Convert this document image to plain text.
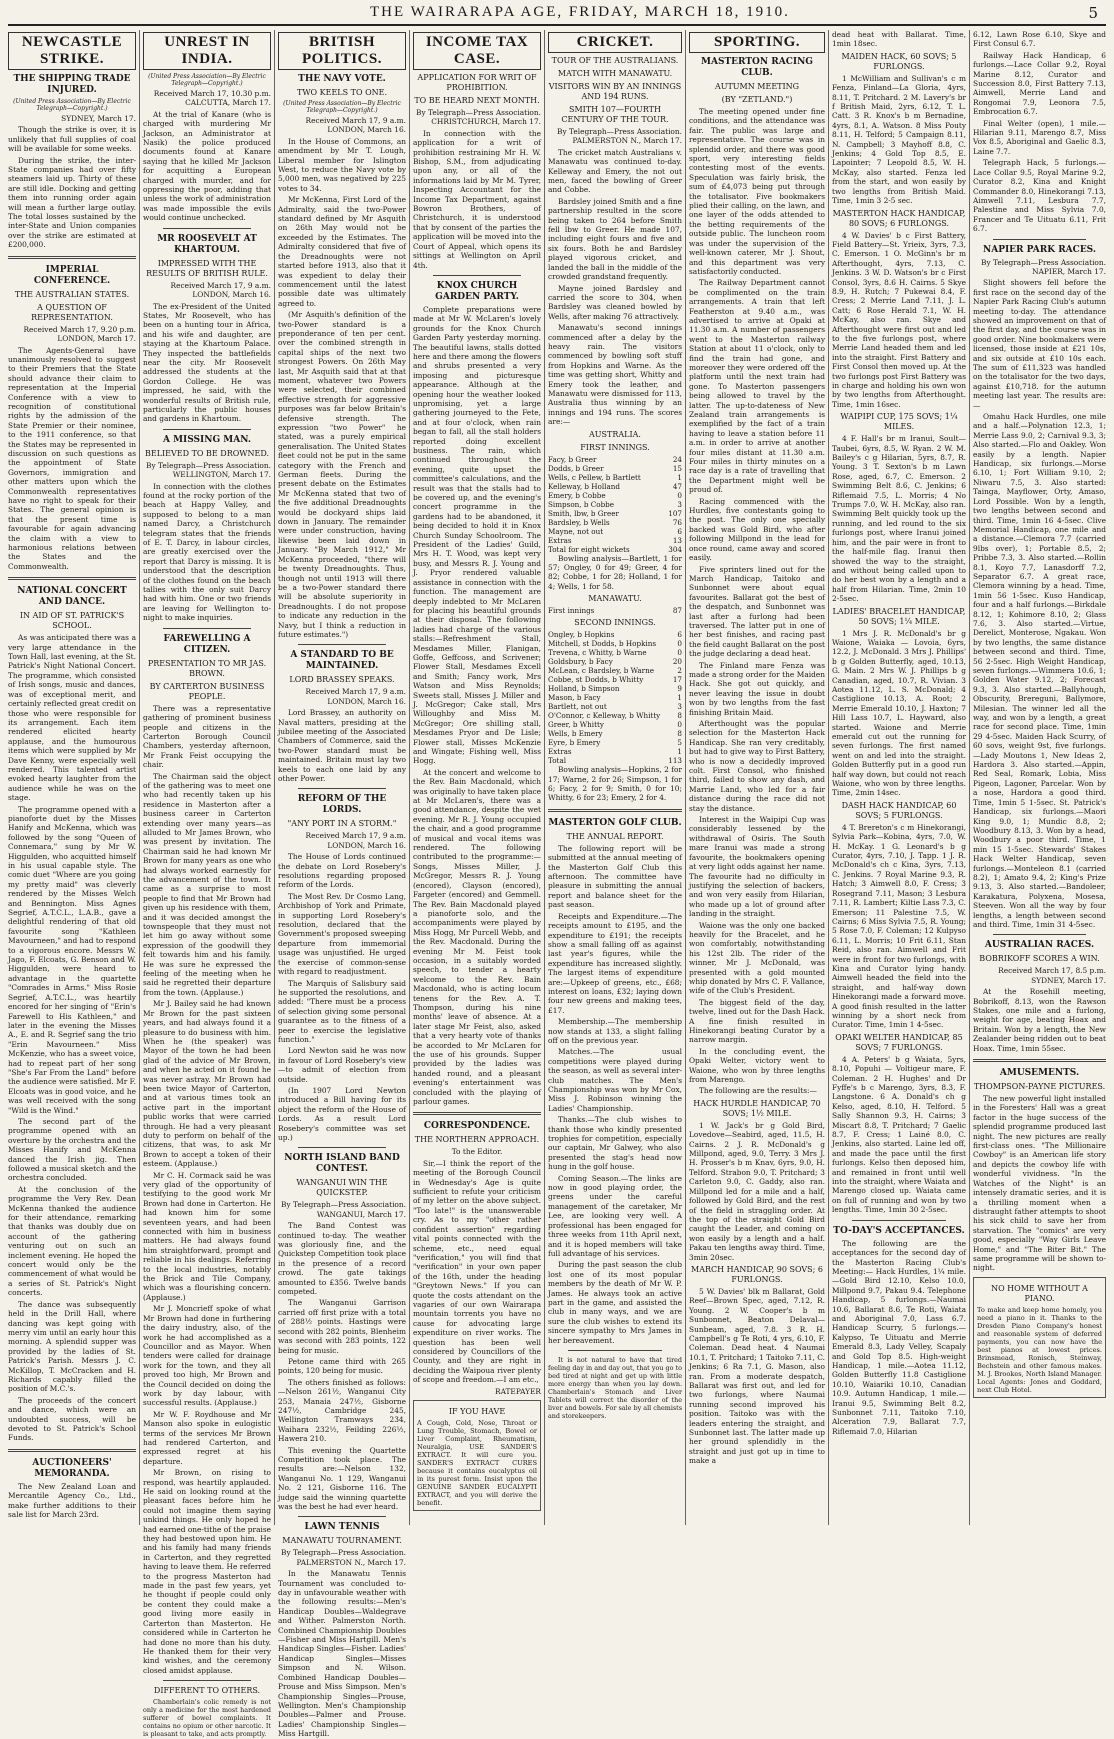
THE WAIRARAPA AGE, FRIDAY, MARCH 18, 1910.	5
NEWCASTLE STRIKE.
THE SHIPPING TRADE INJURED.
(United Press Association—By Electric Telegraph—Copyright.)
SYDNEY, March 17.

Though the strike is over, it is unlikely that full supplies of coal will be available for some weeks.

During the strike, the inter-State companies had over fifty steamers laid up. Thirty of these are still idle. Docking and getting them into running order again will mean a further large outlay. The total losses sustained by the inter-State and Union companies over the strike are estimated at £200,000.

IMPERIAL CONFERENCE.
THE AUSTRALIAN STATES.
A QUESTION OF REPRESENTATION.
Received March 17, 9.20 p.m. LONDON, March 17.

The Agents-General have unanimously resolved to suggest to their Premiers that the State should advance their claim to representation at the Imperial Conference with a view to recognition of constitutional rights by the admission of the State Premier or their nominee, to the 1911 conference, so that the States may be represented in discussion on such questions as the appointment of State Governors, immigration and other matters upon which the Commonwealth representatives have no right to speak for their States. The general opinion is that the present time is favourable for again advancing the claim with a view to harmonious relations between the States and the Commonwealth.

NATIONAL CONCERT AND DANCE.
IN AID OF ST. PATRICK'S SCHOOL.

As was anticipated there was a very large attendance in the Town Hall, last evening, at the St. Patrick's Night National Concert. The programme, which consisted of Irish songs, music and dances, was of exceptional merit, and certainly reflected great credit on those who were responsible for its arrangement. Each item rendered elicited hearty applause, and the humourous items which were supplied by Mr Dave Kenny, were especially well rendered. This talented artist evoked hearty laughter from the audience while he was on the stage.

The programme opened with a pianoforte duet by the Misses Hanify and McKenna, which was followed by the song "Queen of Connemara," sung by Mr W. Higgulden, who acquitted himself in his usual capable style. The comic duet "Where are you going my pretty maid" was cleverly rendered by the Misses Welch and Bennington. Miss Agnes Segrief, A.T.C.L., L.A.B., gave a delightful rendering of that old favourite song "Kathleen Mavourneen," and had to respond to a vigorous encore. Messrs W. Jago, F. Elcoats, G. Benson and W. Higgulden, were heard to advantage in the quartette "Comrades in Arms." Miss Rosie Segrief, A.T.C.L., was heartily encored for her singing of "Erin's Farewell to His Kathleen," and later in the evening the Misses A., E. and R. Segrief sang the trio "Erin Mavourneen." Miss McKenzie, who has a sweet voice, had to repeat part of her song "She's Far From the Land" before the audience were satisfied. Mr F. Elcoats was in good voice, and he was well received with the song "Wild is the Wind."

The second part of the programme opened with an overture by the orchestra and the Misses Hanify and McKenna danced the Irish jig. Then followed a musical sketch and the orchestra concluded.

At the conclusion of the programme the Very Rev. Dean McKenna thanked the audience for their attendance, remarking that thanks was doubly due on account of the gathering venturing out on such an inclement evening. He hoped the concert would only be the commencement of what would be a series of St. Patrick's Night concerts.

The dance was subsequently held in the Drill Hall, where dancing was kept going with merry vim until an early hour this morning. A splendid supper was provided by the ladies of St. Patrick's Parish. Messrs J. C. McKillop, T. McCracken and H. Richards capably filled the position of M.C.'s.

The proceeds of the concert and dance, which were an undoubted success, will be devoted to St. Patrick's School Funds.

AUCTIONEERS' MEMORANDA.

The New Zealand Loan and Mercantile Agency Co., Ltd., make further additions to their sale list for March 23rd.

UNREST IN INDIA.
(United Press Association—By Electric Telegraph—Copyright.)
Received March 17, 10.30 p.m. CALCUTTA, March 17.

At the trial of Kanare (who is charged with murdering Mr Jackson, an Administrator at Nasik) the police produced documents found at Kanare saying that he killed Mr Jackson for acquitting a European charged with murder, and for oppressing the poor, adding that unless the work of administration was made impossible the evils would continue unchecked.

MR ROOSEVELT AT KHARTOUM.
IMPRESSED WITH THE RESULTS OF BRITISH RULE.
Received March 17, 9 a.m. LONDON, March 16.

The ex-President of the United States, Mr Roosevelt, who has been on a hunting tour in Africa, and his wife and daughter, are staying at the Khartoum Palace. They inspected the battlefields near the city. Mr Roosevelt addressed the students at the Gordon College. He was impressed, he said, with the wonderful results of British rule, particularly the public houses and gardens in Khartoum.

A MISSING MAN.
BELIEVED TO BE DROWNED.
By Telegraph—Press Association. WELLINGTON, March 17.

In connection with the clothes found at the rocky portion of the beach at Happy Valley, and supposed to belong to a man named Darcy, a Christchurch telegram states that the friends of E. T. Darcy, in labour circles, are greatly exercised over the report that Darcy is missing. It is understood that the description of the clothes found on the beach tallies with the only suit Darcy had with him. One or two friends are leaving for Wellington to-night to make inquiries.

FAREWELLING A CITIZEN.
PRESENTATION TO MR JAS. BROWN.
BY CARTERTON BUSINESS PEOPLE.

There was a representative gathering of prominent business people and citizens in the Carterton Borough Council Chambers, yesterday afternoon, Mr Frank Feist occupying the chair.

The Chairman said the object of the gathering was to meet one who had recently taken up his residence in Masterton after a business career in Carterton extending over many years—as alluded to Mr James Brown, who was present by invitation. The Chairman said he had known Mr Brown for many years as one who had always worked earnestly for the advancement of the town. It came as a surprise to most people to find that Mr Brown had given up his residence with them, and it was decided amongst the townspeople that they must not let him go away without some expression of the goodwill they felt towards him and his family. He was sure he expressed the feeling of the meeting when he said he regretted their departure from the town. (Applause.)

Mr J. Bailey said he had known Mr Brown for the past sixteen years, and had always found it a pleasure to do business with him. When he (the speaker) was Mayor of the town he had been glad of the advice of Mr Brown, and when he acted on it found he was never astray. Mr Brown had been twice Mayor of Carterton, and at various times took an active part in the important public works that were carried through. He had a very pleasant duty to perform on behalf of the citizens, that was, to ask Mr Brown to accept a token of their esteem. (Applause.)

Mr C. H. Cormack said he was very glad of the opportunity of testifying to the good work Mr Brown had done in Carterton. He had known him for some seventeen years, and had been connected with him in business matters. He had always found him straightforward, prompt and reliable in his dealings. Referring to the local industries, notably the Brick and Tile Company, which was a flourishing concern. (Applause.)

Mr J. Moncrieff spoke of what Mr Brown had done in furthering the dairy industry, also, of the work he had accomplished as a Councillor and as Mayor. When tenders were called for drainage work for the town, and they all proved too high, Mr Brown and the Council decided on doing the work by day labour, with successful results. (Applause.)

Mr W. F. Roydhouse and Mr Manson also spoke in eulogistic terms of the services Mr Brown had rendered Carterton, and expressed regret at his departure.

Mr Brown, on rising to respond, was heartily applauded. He said on looking round at the pleasant faces before him he could not imagine them saying unkind things. He only hoped he had earned one-tithe of the praise they had bestowed upon him. He and his family had many friends in Carterton, and they regretted having to leave them. He referred to the progress Masterton had made in the past few years, yet he thought if people could only be content they could make a good living more easily in Carterton than Masterton. He considered while in Carterton he had done no more than his duty. He thanked them for their very kind wishes, and the ceremony closed amidst applause.

DIFFERENT TO OTHERS.

Chamberlain's colic remedy is not only a medicine for the most hardened sufferer of bowel complaints. It contains no opium or other narcotic. It is pleasant to take, and acts promptly.

BRITISH POLITICS.
THE NAVY VOTE.
TWO KEELS TO ONE.
(United Press Association—By Electric Telegraph—Copyright.)
Received March 17, 9 a.m. LONDON, March 16.

In the House of Commons, an amendment by Mr T. Lough, Liberal member for Islington West, to reduce the Navy vote by 5,000 men, was negatived by 225 votes to 34.

Mr McKenna, First Lord of the Admiralty, said the two-Power standard defined by Mr Asquith on 26th May would not be exceeded by the Estimates. The Admiralty considered that five of the Dreadnoughts were not started before 1913, also that it was expedient to delay their commencement until the latest possible date was ultimately agreed to.

(Mr Asquith's definition of the two-Power standard is a preponderance of ten per cent. over the combined strength in capital ships of the next two strongest Powers. On 26th May last, Mr Asquith said that at that moment, whatever two Powers were selected, their combined effective strength for aggressive purposes was far below Britain's defensive strength. The expression "two Power" he stated, was a purely empirical generalisation. The United States fleet could not be put in the same category with the French and German fleets. During the present debate on the Estimates Mr McKenna stated that two of the five additional Dreadnoughts would be dockyard ships laid down in January. The remainder were under construction, having likewise been laid down in January. "By March 1912," Mr McKenna proceeded, "there will be twenty Dreadnoughts. Thus, though not until 1913 will there be a two-Power standard there will be absolute superiority in Dreadnoughts. I do not propose to indicate any reduction in the Navy, but I think a reduction in future estimates.")

A STANDARD TO BE MAINTAINED.
LORD BRASSEY SPEAKS.
Received March 17, 9 a.m. LONDON, March 16.

Lord Brassey, an authority on Naval matters, presiding at the jubilee meeting of the Associated Chambers of Commerce, said the two-Power standard must be maintained. Britain must lay two keels to each one laid by any other Power.

REFORM OF THE LORDS.
"ANY PORT IN A STORM."
Received March 17, 9 a.m. LONDON, March 16.

The House of Lords continued the debate on Lord Rosebery's resolutions regarding proposed reform of the Lords.

The Most Rev. Dr Cosmo Lang, Archbishop of York and Primate, in supporting Lord Rosebery's resolution, declared that the Government's proposed sweeping departure from immemorial usage was unjustified. He urged the exercise of common-sense with regard to readjustment.

The Marquis of Salisbury said he supported the resolutions, and added: "There must be a process of selection giving some personal guarantee as to the fitness of a peer to exercise the legislative function."

Lord Newton said he was now in favour of Lord Rosebery's view—to admit of election from outside.

(In 1907 Lord Newton introduced a Bill having for its object the reform of the House of Lords. As a result Lord Rosebery's committee was set up.)

NORTH ISLAND BAND CONTEST.
WANGANUI WIN THE QUICKSTEP.
By Telegraph—Press Association. WANGANUI, March 17.

The Band Contest was continued to-day. The weather was gloriously fine, and the Quickstep Competition took place in the presence of a record crowd. The gate takings amounted to £356. Twelve bands competed.

The Wanganui Garrison carried off first prize with a total of 288½ points. Hastings were second with 282 points, Blenheim was second with 283 points, 122 being for music.

Petone came third with 265 points, 120 being for music.

The others finished as follows:—Nelson 261½, Wanganui City 253, Manaia 247½, Gisborne 247½, Cambridge 245, Wellington Tramways 234, Waihara 232½, Feilding 226½, Hawera 210.

This evening the Quartette Competition took place. The results are:—Nelson 132, Wanganui No. 1 129, Wanganui No. 2 121, Gisborne 116. The judge said the winning quartette was the best he had ever heard.

LAWN TENNIS
MANAWATU TOURNAMENT.
By Telegraph—Press Association. PALMERSTON N., March 17.

In the Manawatu Tennis Tournament was concluded to-day in unfavourable weather with the following results:—Men's Handicap Doubles—Waldegrave and Wither. Palmerston North. Combined Championship Doubles—Fisher and Miss Hartgill. Men's Handicap Singles—Fisher. Ladies' Handicap Singles—Misses Simpson and N. Wilson. Combined Handicap Doubles—Prouse and Miss Simpson. Men's Championship Singles—Prouse, Wellington. Men's Championship Doubles—Palmer and Prouse. Ladies' Championship Singles—Miss Hartgill.

INCOME TAX CASE.
APPLICATION FOR WRIT OF PROHIBITION.
TO BE HEARD NEXT MONTH.
By Telegraph—Press Association. CHRISTCHURCH, March 17.

In connection with the application for a writ of prohibition restraining Mr H. W. Bishop, S.M., from adjudicating upon any, or all of the informations laid by Mr M. Tyrer, Inspecting Accountant for the Income Tax Department, against Bowron Brothers, of Christchurch, it is understood that by consent of the parties the application will be moved into the Court of Appeal, which opens its sittings at Wellington on April 4th.

KNOX CHURCH GARDEN PARTY.

Complete preparations were made at Mr W. McLaren's lovely grounds for the Knox Church Garden Party yesterday morning. The beautiful lawns, stalls dotted here and there among the flowers and shrubs presented a very imposing and picturesque appearance. Although at the opening hour the weather looked unpromising, yet a large gathering journeyed to the Fete, and at four o'clock, when rain began to fall, all the stall holders reported doing excellent business. The rain, which continued throughout the evening, quite upset the committee's calculations, and the result was that the stalls had to be covered up, and the evening's concert programme in the gardens had to be abandoned, it being decided to hold it in Knox Church Sunday Schoolroom. The President of the Ladies' Guild, Mrs H. T. Wood, was kept very busy, and Messrs R. J. Young and J. Pryor rendered valuable assistance in connection with the function. The management are deeply indebted to Mr McLaren for placing his beautiful grounds at their disposal. The following ladies had charge of the various stalls:—Refreshment Stall, Mesdames Miller, Flanigan, Goffe, Geffcoss, and Scrivener; Flower Stall, Mesdames Excell and Smith; Fancy work, Mrs Watson and Miss Reynolds; Sweets stall, Misses J. Miller and J. McGregor; Cake stall, Mrs Willoughby and Miss M. McGregor; Ore shilling stall, Mesdames Pryor and De Lisle; Flower stall, Misses McKenzie and Wingate; Fishing well, Miss Hogg.

At the concert and welcome to the Rev. Bain Macdonald, which was originally to have taken place at Mr McLaren's, there was a good attendance, despite the wet evening. Mr R. J. Young occupied the chair, and a good programme of musical and vocal items was rendered. The following contributed to the programme:—Songs, Misses Miller, J. McGregor, Messrs R. J. Young (encored), Clayson (encored), Fargeter (encored) and Gemmell. The Rev. Bain Macdonald played a pianoforte solo, and the accompaniments were played by Miss Hogg, Mr Purcell Webb, and the Rev. Macdonald. During the evening Mr M. Feist took occasion, in a suitably worded speech, to tender a hearty welcome to the Rev. Bain Macdonald, who is acting locum tenens for the Rev. A. T. Thompson, during his nine months' leave of absence. At a later stage Mr Feist, also, asked that a very hearty vote of thanks be accorded to Mr McLaren for the use of his grounds. Supper provided by the ladies was handed round, and a pleasant evening's entertainment was concluded with the playing of parlour games.

CORRESPONDENCE.
THE NORTHERN APPROACH.

To the Editor.

Sir,—I think the report of the meeting of the Borough Council in Wednesday's Age is quite sufficient to refute your criticism of my letter on the above subject. "Too late!" is the unanswerable cry. As to my "other rather confident assertion" regarding vital points connected with the scheme, etc., need equal "verification," you will find that "verification" in your own paper of the 16th, under the heading "Greytown News." If you can quote the costs attendant on the vagaries of our own Wairarapa mountain torrents you have no cause for advocating large expenditure on river works. The question has been well considered by Councillors of the County, and they are right in deciding the Waipoua river plenty of scope and freedom.—I am etc.,

RATEPAYER

IF YOU HAVE
A Cough, Cold, Nose, Throat or Lung Trouble, Stomach, Bowel or Liver Complaint, Rheumatism, Neuralgia, USE SANDER'S EXTRACT. It will cure you. SANDER'S EXTRACT CURES because it contains eucalyptus oil in its purest form. Insist upon the GENUINE SANDER EUCALYPTI EXTRACT, and you will derive the benefit.
CRICKET.
TOUR OF THE AUSTRALIANS.
MATCH WITH MANAWATU.
VISITORS WIN BY AN INNINGS AND 194 RUNS.
SMITH 107—FOURTH CENTURY OF THE TOUR.
By Telegraph—Press Association. PALMERSTON N., March 17.

The cricket match Australians v. Manawatu was continued to-day. Kelleway and Emery, the not out men, faced the bowling of Greer and Cobbe.

Bardsley joined Smith and a fine partnership resulted in the score being taken to 264 before Smith fell lbw to Greer. He made 107, including eight fours and five and six fours. Both he and Bardsley played vigorous cricket, and landed the ball in the middle of the crowded grandstand frequently.

Mayne joined Bardsley and carried the score to 304, when Bardsley was cleaned bowled by Wells, after making 76 attractively.

Manawatu's second innings commenced after a delay by the heavy rain. The visitors commenced by bowling soft stuff from Hopkins and Warne. As the time was getting short, Whitty and Emery took the leather, and Manawatu were dismissed for 113, Australia thus winning by an innings and 194 runs. The scores are:—

AUSTRALIA.
FIRST INNINGS.
Facy, b Greer	24
Dodds, b Greer	15
Wells, c Pellew, b Bartlett	1
Kelleway, b Holland	47
Emery, b Cobbe	0
Simpson, b Cobbe	3
Smith, lbw, b Greer	107
Bardsley, b Wells	76
Mayne, not out	6
Extras	13
Total for eight wickets	304

Bowling analysis—Bartlett, 1 for 57; Ongley, 0 for 49; Greer, 4 for 82; Cobbe, 1 for 28; Holland, 1 for 4; Wells, 1 for 58.

MANAWATU.
First innings	87
SECOND INNINGS.
Ongley, b Hopkins	6
Mitchell, st Dodds, b Hopkins	0
Trevena, c Whitty, b Warne	0
Goldsbury, b Facy	20
McLean, c Bardsley, b Warne	2
Cobbe, st Dodds, b Whitty	17
Holland, b Simpson	9
Mason, b Facy	1
Bartlett, not out	3
O'Connor, c Kelleway, b Whitty	8
Greer, b Whitty	0
Wells, b Emery	8
Eyre, b Emery	5
Extras	1
Total	113

Bowling analysis—Hopkins, 2 for 17; Warne, 2 for 26; Simpson, 1 for 6; Facy, 2 for 9; Smith, 0 for 10; Whitty, 6 for 23; Emery, 2 for 4.

MASTERTON GOLF CLUB.
THE ANNUAL REPORT.

The following report will be submitted at the annual meeting of the Masterton Golf Club this afternoon. The committee have pleasure in submitting the annual report and balance sheet for the past season.

Receipts and Expenditure.—The receipts amount to £195, and the expenditure to £191; the receipts show a small falling off as against last year's figures, while the expenditure has increased slightly. The largest items of expenditure are:—Upkeep of greens, etc., £68; interest on loans, £32; laying down four new greens and making tees, £17.

Membership.—The membership now stands at 133, a slight falling off on the previous year.

Matches.—The usual competitions were played during the season, as well as several inter-club matches. The Men's Championship was won by Mr Cox, Miss J. Robinson winning the Ladies' Championship.

Thanks.—The club wishes to thank those who kindly presented trophies for competition, especially our captain, Mr Galwey, who also presented the stag's head now hung in the golf house.

Coming Season.—The links are now in good playing order, the greens under the careful management of the caretaker, Mr Lee, are looking very well. A professional has been engaged for three weeks from 11th April next, and it is hoped members will take full advantage of his services.

During the past season the club lost one of its most popular members by the death of Mr W. P. James. He always took an active part in the game, and assisted the club in many ways, and we are sure the club wishes to extend its sincere sympathy to Mrs James in her bereavement.

It is not natural to have that tired feeling day in and day out, that you go to bed tired at night and get up with little more energy than when you lay down. Chamberlain's Stomach and Liver Tablets will correct the disorder of the liver and bowels. For sale by all chemists and storekeepers.

SPORTING.
MASTERTON RACING CLUB.
AUTUMN MEETING
(BY "ZETLAND.")

The meeting opened under fine conditions, and the attendance was fair. The public was large and representative. The course was in splendid order, and there was good sport, very interesting fields contesting most of the events. Speculation was fairly brisk, the sum of £4,073 being put through the totalisator. Five bookmakers plied their calling, on the lawn, and one layer of the odds attended to the betting requirements of the outside public. The luncheon room was under the supervision of the well-known caterer, Mr J. Shout, and this department was very satisfactorily conducted.

The Railway Department cannot be complimented on the train arrangements. A train that left Featherston at 9.40 a.m., was advertised to arrive at Opaki at 11.30 a.m. A number of passengers went to the Masterton railway Station at about 11 o'clock, only to find the train had gone, and moreover they were ordered off the platform until the next train had gone. To Masterton passengers being allowed to travel by the latter. The up-to-dateness of New Zealand train arrangements is exemplified by the fact of a train having to leave a station before 11 a.m. in order to arrive at another four miles distant at 11.30 a.m. Four miles in thirty minutes on a race day is a rate of travelling that the Department might well be proud of.

Racing commenced with the Hurdles, five contestants going to the post. The only one specially backed was Gold Bird, who after following Millpond in the lead for once round, came away and scored easily.

Five sprinters lined out for the March Handicap, Taitoko and Sunbonnet were about equal favourites. Ballarat got the best of the despatch, and Sunbonnet was last after a furlong had been traversed. The latter put in one of her best finishes, and racing past the field caught Ballarat on the post the judge declaring a dead heat.

The Finland mare Fenza was made a strong order for the Maiden Hack. She got out quickly, and never leaving the issue in doubt won by two lengths from the fast finishing Britain Maid.

Afterthought was the popular selection for the Masterton Hack Handicap. She ran very creditably, but had to give way to First Battery, who is now a decidedly improved colt. First Consol, who finished third, failed to show any dash, and Marrie Land, who led for a fair distance during the race did not stay the distance.

Interest in the Waipipi Cup was considerably lessened by the withdrawal of Osiris. The South mare Iranui was made a strong favourite, the bookmakers opening at very light odds against her name. The favourite had no difficulty in justifying the selection of backers, and won very easily from Hilarian, who made up a lot of ground after landing in the straight.

Waione was the only one backed heavily for the Bracelet, and he won comfortably, notwithstanding his 12st 2lb. The rider of the winner, Mr J. McDonald, was presented with a gold mounted whip donated by Mrs C. F. Vallance, wife of the Club's President.

The biggest field of the day, twelve, lined out for the Dash Hack. A fine finish resulted in Hinekorangi beating Curator by a narrow margin.

In the concluding event, the Opaki Welter, victory went to Waione, who won by three lengths from Marengo.

The following are the results:—

HACK HURDLE HANDICAP, 70 SOVS; 1½ MILE.

1 W. Jack's br g Gold Bird, Lovedove—Seabird, aged, 11.5, H. Cairns. 2 J. R. McDonald's g Millpond, aged, 9.0, Terry. 3 Mrs J. H. Prosser's b m Knav, 6yrs, 9.0, H. Telford. Strabon 9.0, T. Pritchard; 3 Carleton 9.0, C. Gaddy, also ran. Millpond led for a mile and a half, followed by Gold Bird, and the rest of the field in straggling order. At the top of the straight Gold Bird caught the Leader, and coming on won easily by a length and a half. Pakau ten lengths away third. Time, 3min 20sec.

MARCH HANDICAP, 90 SOVS; 6 FURLONGS.

5 W. Davies' blk m Ballarat, Gold Reef—Brown Spec, aged, 7.12, R. Young. 2 W. Cooper's b m Sunbonnet, Beaton Delaval—Sunbeam, aged, 7.8. 3 R. H. Campbell's g Te Roti, 4 yrs, 6.10, F. Coleman. Dead heat. 4 Naumai 10.1, T. Pritchard; 1 Taitoko 7.11, C. Jenkins; 6 Ra 7.1, G. Mason, also ran. From a moderate despatch, Ballarat was first out, and led for two furlongs, where Naumai running second improved his position. Taitoko was with the leaders entering the straight, and Sunbonnet last. The latter made up her ground splendidly in the straight and just got up in time to make a

dead heat with Ballarat. Time, 1min 18sec.

MAIDEN HACK, 60 SOVS; 5 FURLONGS.

1 McWilliam and Sullivan's c m Fenza, Finland—La Gloria, 4yrs, 8.11, T. Pritchard. 2 M. Lavery's br f British Maid, 2yrs, 6.12, T. L. Catt. 3 R. Knox's b m Bernadine, 4yrs, 8.1, A. Watson. 8 Miss Pouty 8.11, H. Telford; 5 Campaign 8.11, N. Campbell; 3 Mayhoff 8.8, C. Jenkins; 4 Gold Top 8.5, E. Lapointer; 7 Leopold 8.5, W. H. McKay, also started. Fenza led from the start, and won easily by two lengths from British Maid. Time, 1min 3 2-5 sec.

MASTERTON HACK HANDICAP, 80 SOVS; 6 FURLONGS.

4 W. Davies' b c First Battery, Field Battery—St. Yrieix, 3yrs, 7.3, C. Emerson. 1 O. McGinn's br m Afterthought, 4yrs, 7.13, C. Jenkins. 3 W. D. Watson's br c First Consol, 3yrs, 8.6 H. Cairns. 5 Skye 8.9, H. Rutch; 7 Pukewai 8.4, F. Cress; 2 Merrie Land 7.11, J. L. Catt; 6 Rose Herald 7.1, W. H. McKay, also ran. Skye and Afterthought were first out and led to the five furlongs post, where Merrie Land headed them and led into the straight. First Battery and First Consol then moved up. At the two furlongs post First Battery was in charge and holding his own won by two lengths from Afterthought. Time, 1min 16sec.

WAIPIPI CUP, 175 SOVS; 1¼ MILES.

4 F. Hall's br m Iranui, Soult—Taubei, 6yrs, 8.5, W. Ryan. 2 W. M. Bailey's c g Hilarian, 5yrs, 8.7, R. Young. 3 T. Sexton's b m Lawn Rose, aged, 6.7, C. Emerson. 2 Swimming Belt 8.6, C. Jenkins; 6 Riflemaid 7.5, L. Morris; 4 No Trumps 7.0, W. H. McKay, also ran. Swimming Belt quickly took up the running, and led round to the six furlongs post, where Iranui joined him, and the pair were in front to the half-mile flag. Iranui then showed the way to the straight, and without being called upon to do her best won by a length and a half from Hilarian. Time, 2min 10 2-5sec.

LADIES' BRACELET HANDICAP, 50 SOVS; 1¼ MILE.

1 Mrs J. R. McDonald's br g Waione, Waiaka — Lovoia, 6yrs, 12.2, J. McDonald. 3 Mrs J. Phillips' b g Golden Butterfly, aged, 10.13, G. Main. 2 Mrs W. J. Phillips b g Canadian, aged, 10.7, R. Vivian. 3 Aotea 11.12, L. S. McDonald; 4 Castiglione 10.13, A. Root; 2 Merrie Emerald 10.10, J. Haxton; 7 Hill Lass 10.7, L. Hayward, also started. Waione and Merrie emerald cut out the running for seven furlongs. The first named went on and led into the straight. Golden Butterfly put in a good run half way down, but could not reach Waione, who won by three lengths. Time, 2min 14sec.

DASH HACK HANDICAP, 60 SOVS; 5 FURLONGS.

4 T. Brereton's c m Hinekorangi, Sylvia Park—Kobina, 4yrs, 7.0, W. H. McKay. 1 G. Leonard's b g Curator, 4yrs, 7.10, J. Tapp. 1 J. R. McDonald's ch c Kina, 3yrs, 7.13, C. Jenkins. 7 Royal Marine 9.3, R. Hatch; 3 Aimwell 8.0, F. Cress; 3 Rosegrand 7.11, Mason; 3 Lesbura 7.11, R. Lambert; Kiltie Lass 7.3, C. Emerson; 11 Palestine 7.5, W. Cairns; 6 Miss Sylvia 7.5, R. Young; 5 Rose 7.0, F. Coleman; 12 Kulpyso 6.11, L. Morris; 10 Frit 6.11, Stan Reid, also ran. Aimwell and Frit were in front for two furlongs, with Kina and Curator lying handy. Aimwell headed the field into the straight, and half-way down Hinekorangi made a forward move. A good finish resulted in the latter winning by a short neck from Curator. Time, 1min 1 4-5sec.

OPAKI WELTER HANDICAP, 85 SOVS; 7 FURLONGS.

4 A. Peters' b g Waiata, 5yrs, 8.10, Popuhi — Voltigeur mare, F. Coleman. 2 H. Hughes' and Dr Fyffe's b c Marengo, 3yrs, 8.3, F. Langstone. 6 A. Donald's ch g Kelso, aged, 8.10, H. Telford. 5 Sally Shannon 9.3, H. Cairns; 3 Miscart 8.8, T. Pritchard; 7 Gaelic 8.7, F. Cress; 1 Lainé 8.0, C. Jenkins, also started. Laine led off, and made the pace until the first furlongs. Kelso then deposed him, and remained in front until well into the straight, where Waiata and Marengo closed up. Waiata came on full of running and won by two lengths. Time, 1min 30 2-5sec.

TO-DAY'S ACCEPTANCES.

The following are the acceptances for the second day of the Masterton Racing Club's Meeting:— Hack Hurdles, 1¼ mile.—Gold Bird 12.10, Kelso 10.0, Millpond 9.7, Pakau 9.4. Telephone Handicap, 5 furlongs.—Naumai 10.6, Ballarat 8.6, Te Roti, Waiata and Aboriginal 7.0, Lass 6.7. Handicap Scurry, 5 furlongs.—Kalypso, Te Uituatu and Merrie Emerald 8.3, Lady Velley, Scapaly and Gold Top 8.5. High-weight Handicap, 1 mile.—Aotea 11.12, Golden Butterfly 11.8 Castiglione 10.10, Waiariki 10.10, Canadian 10.9. Autumn Handicap, 1 mile.—Iranui 9.5, Swimming Belt 8.2, Sunbonnet 7.11, Taitoko 7.10, Alceration 7.9, Ballarat 7.7, Riflemaid 7.0, Hilarian

6.12, Lawn Rose 6.10, Skye and First Consul 6.7.

Railway Hack Handicap, 6 furlongs.—Lace Collar 9.2, Royal Marine 8.12, Curator and Succession 8.0, First Battery 7.13, Aimwell, Merrie Land and Rongomai 7.9, Leonora 7.5, Embrocation 6.7.

Final Welter (open), 1 mile.—Hilarian 9.11, Marengo 8.7, Miss Vox 8.5, Aboriginal and Gaelic 8.3, Laine 7.7.

Telegraph Hack, 5 furlongs.—Lace Collar 9.5, Royal Marine 9.2, Curator 8.2, Kina and Knight Commander 8.0, Hinekorangi 7.13, Aimwell 7.11, Lesbura 7.7, Palestine and Miss Sylvia 7.0, Francer and Te Uituatu 6.11, Frit 6.7.

NAPIER PARK RACES.
By Telegraph—Press Association. NAPIER, March 17.

Slight showers fell before the first race on the second day of the Napier Park Racing Club's autumn meeting to-day. The attendance showed an improvement on that of the first day, and the course was in good order. Nine bookmakers were licensed, those inside at £21 10s, and six outside at £10 10s each. The sum of £11,323 was handled on the totalisator for the two days, against £10,718. for the autumn meeting last year. The results are:—

Omahu Hack Hurdles, one mile and a half.—Polynation 12.3, 1; Merrie Lass 9.0, 2; Carnival 9.3, 3; Also started.—Flo and Oakley. Won easily by a length. Napier Handicap, six furlongs.—Morse 6.10, 1; Fort William 9.10, 2; Niwaru 7.5, 3. Also started: Tainga, Mayflower, Orty, Amaso, Lord Possible. Won by a length, two lengths between second and third. Time, 1min 16 4-5sec. Clive Memorial Handicap, one mile and a distance.—Clemora 7.7 (carried 9lbs over), 1; Portable 8.5, 2; Pribbe 7.3, 3. Also started.—Rollin 8.1, Koyo 7.7, Lanasdorff 7.2, Separator 6.7. A great race, Clemora winning by a head. Time, 1min 56 1-5sec. Kuso Handicap, four and a half furlongs.—Birkdale 8.12, 1; Kohimore 8.10, 2; Glass 7.6, 3. Also started.—Virtue, Derelict, Monterose, Ngakau. Won by two lengths, the same distance between second and third. Time, 56 2-5sec. High Weight Handicap, seven furlongs.—Wimmera 10.6, 1; Golden Water 9.12, 2; Forecast 9.3, 3. Also started.—Ballyhough, Obscurity, Brereguni, Ballymore, Milesian. The winner led all the way, and won by a length, a great race for second place. Time, 1min 29 4-5sec. Maiden Hack Scurry, of 60 sovs, weight 9st, five furlongs.—Lady Moutons 1, New Ideas 2, Hardora 3. Also started.—Appin, Red Seal, Romark, Lobia, Miss Pigeon, Lagoner, Parcelar. Won by a nose, Hardora a good third. Time, 1min 5 1-5sec. St. Patrick's Handicap, six furlongs.—Maori King 9.0, 1; Mundic 8.8, 2; Woodbury 8.13, 3. Won by a head, Woodbury a poor third. Time, 1 min 15 1-5sec. Stewards' Stakes Hack Welter Handicap, seven furlongs.—Monteleon 8.1 (carried 8.2), 1; Amato 9.4, 2; King's Prize 9.13, 3. Also started.—Bandoleer, Karakatura, Polyxena, Mosesa, Steeven. Won all the way by four lengths, a length between second and third. Time, 1min 31 4-5sec.

AUSTRALIAN RACES.
BOBRIKOFF SCORES A WIN.
Received March 17, 8.5 p.m. SYDNEY, March 17.

At the Rosehill meeting, Bobrikoff, 8.13, won the Rawson Stakes, one mile and a furlong, weight for age, beating Hoax and Britain. Won by a length, the New Zealander being ridden out to beat Hoax. Time, 1min 55sec.

AMUSEMENTS.
THOMPSON-PAYNE PICTURES.

The new powerful light installed in the Foresters' Hall was a great factor in the huge success of the splendid programme produced last night. The new pictures are really first-class ones. "The Millionaire Cowboy" is an American life story and depicts the cowboy life with wonderful vividness. "In the Watches of the Night" is an intensely dramatic series, and it is a thrilling moment when a distraught father attempts to shoot his sick child to save her from starvation. The "comics" are very good, especially "Way Girls Leave Home," and "The Biter Bit." The same programme will be shown to-night.

NO HOME WITHOUT A PIANO.
To make and keep home homely, you need a piano in it. Thanks to the Dresden Piano Company's honest and reasonable system of deferred payments, you can now have the best pianos at lowest prices. Brinsmead, Ronisch, Steinway, Bechstein and other famous makes. M. J. Brookes, North Island Manager. Local Agents: Jones and Goddard, next Club Hotel.
